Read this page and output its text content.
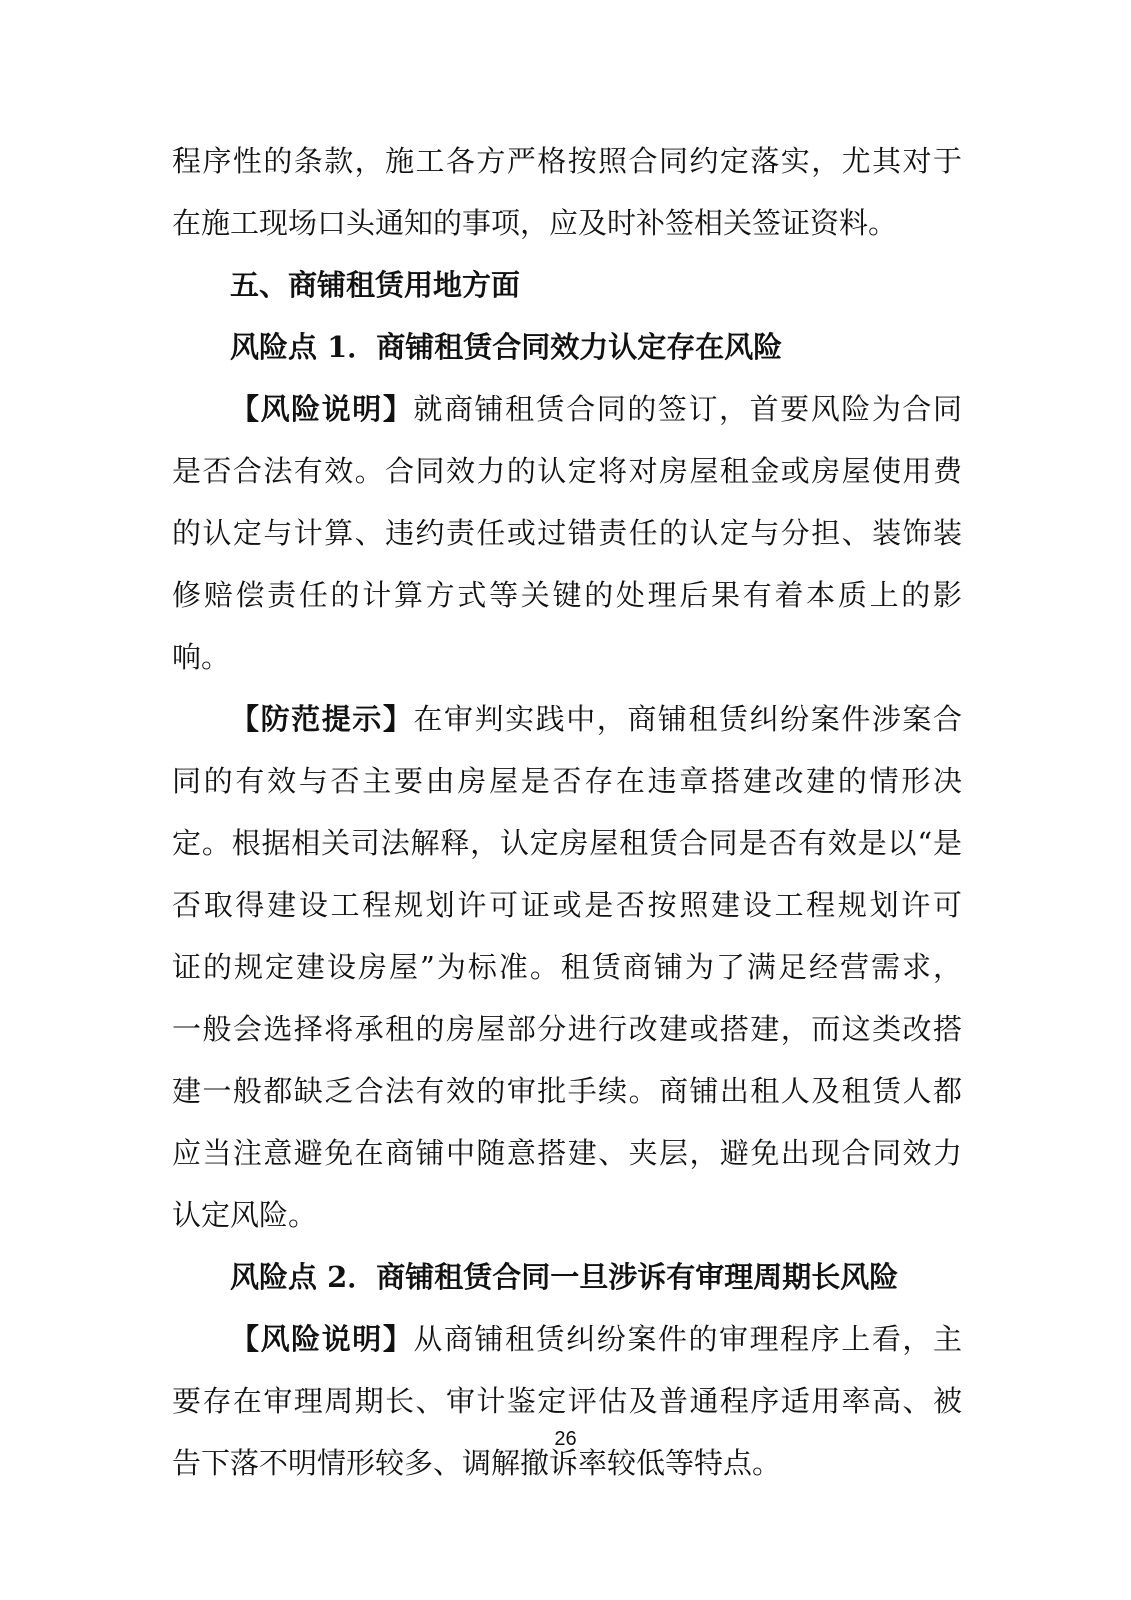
程序性的条款，施工各方严格按照合同约定落实，尤其对于
在施工现场口头通知的事项，应及时补签相关签证资料。
五、商铺租赁用地方面
风险点 1．商铺租赁合同效力认定存在风险
【风险说明】就商铺租赁合同的签订，首要风险为合同
是否合法有效。合同效力的认定将对房屋租金或房屋使用费
的认定与计算、违约责任或过错责任的认定与分担、装饰装
修赔偿责任的计算方式等关键的处理后果有着本质上的影
响。
【防范提示】在审判实践中，商铺租赁纠纷案件涉案合
同的有效与否主要由房屋是否存在违章搭建改建的情形决
定。根据相关司法解释，认定房屋租赁合同是否有效是以“是
否取得建设工程规划许可证或是否按照建设工程规划许可
证的规定建设房屋”为标准。租赁商铺为了满足经营需求，
一般会选择将承租的房屋部分进行改建或搭建，而这类改搭
建一般都缺乏合法有效的审批手续。商铺出租人及租赁人都
应当注意避免在商铺中随意搭建、夹层，避免出现合同效力
认定风险。
风险点 2．商铺租赁合同一旦涉诉有审理周期长风险
【风险说明】从商铺租赁纠纷案件的审理程序上看，主
要存在审理周期长、审计鉴定评估及普通程序适用率高、被
告下落不明情形较多、调解撤诉率较低等特点。
26
